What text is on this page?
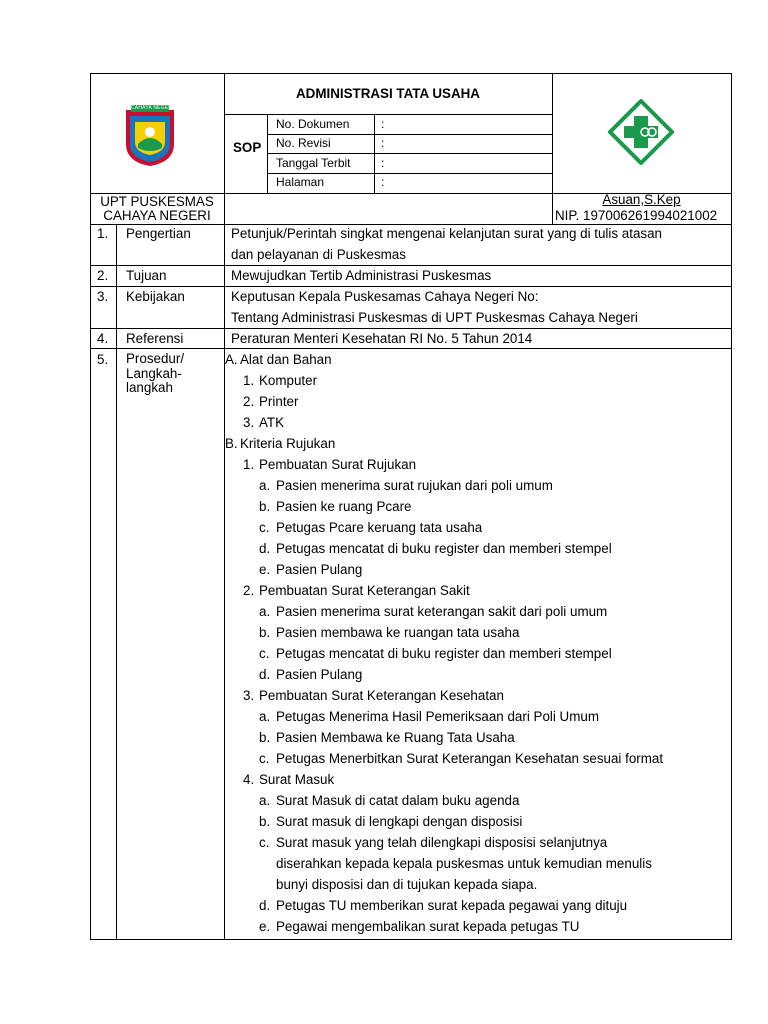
CAHAYA NEGERI
ADMINISTRASI TATA USAHA
SOP
No. Dokumen	:
No. Revisi	:
Tanggal Terbit	:
Halaman	:
UPT PUSKESMAS
CAHAYA NEGERI
Asuan,S.Kep
NIP. 197006261994021002
1. Pengertian	Petunjuk/Perintah singkat mengenai kelanjutan surat yang di tulis atasan
dan pelayanan di Puskesmas
2. Tujuan	Mewujudkan Tertib Administrasi Puskesmas
3. Kebijakan	Keputusan Kepala Puskesamas Cahaya Negeri No:
Tentang Administrasi Puskesmas di UPT Puskesmas Cahaya Negeri
4. Referensi	Peraturan Menteri Kesehatan RI No. 5 Tahun 2014
5. Prosedur/
Langkah-
langkah
A. Alat dan Bahan
1. Komputer
2. Printer
3. ATK
B. Kriteria Rujukan
1. Pembuatan Surat Rujukan
a. Pasien menerima surat rujukan dari poli umum
b. Pasien ke ruang Pcare
c. Petugas Pcare keruang tata usaha
d. Petugas mencatat di buku register dan memberi stempel
e. Pasien Pulang
2. Pembuatan Surat Keterangan Sakit
a. Pasien menerima surat keterangan sakit dari poli umum
b. Pasien membawa ke ruangan tata usaha
c. Petugas mencatat di buku register dan memberi stempel
d. Pasien Pulang
3. Pembuatan Surat Keterangan Kesehatan
a. Petugas Menerima Hasil Pemeriksaan dari Poli Umum
b. Pasien Membawa ke Ruang Tata Usaha
c. Petugas Menerbitkan Surat Keterangan Kesehatan sesuai format
4. Surat Masuk
a. Surat Masuk di catat dalam buku agenda
b. Surat masuk di lengkapi dengan disposisi
c. Surat masuk yang telah dilengkapi disposisi selanjutnya
diserahkan kepada kepala puskesmas untuk kemudian menulis
bunyi disposisi dan di tujukan kepada siapa.
d. Petugas TU memberikan surat kepada pegawai yang dituju
e. Pegawai mengembalikan surat kepada petugas TU
